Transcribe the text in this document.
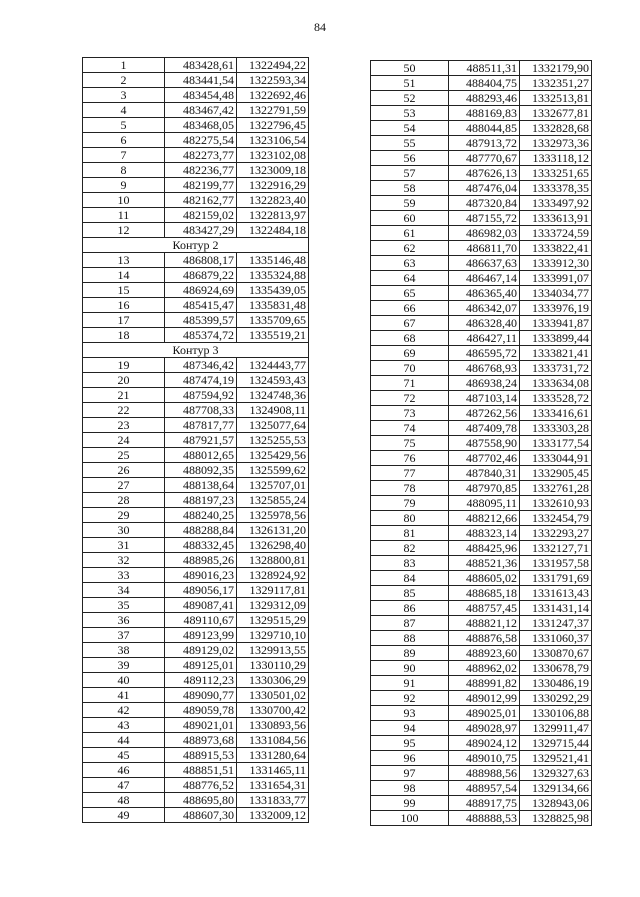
84
1	483428,61	1322494,22
2	483441,54	1322593,34
3	483454,48	1322692,46
4	483467,42	1322791,59
5	483468,05	1322796,45
6	482275,54	1323106,54
7	482273,77	1323102,08
8	482236,77	1323009,18
9	482199,77	1322916,29
10	482162,77	1322823,40
11	482159,02	1322813,97
12	483427,29	1322484,18
Контур 2		
13	486808,17	1335146,48
14	486879,22	1335324,88
15	486924,69	1335439,05
16	485415,47	1335831,48
17	485399,57	1335709,65
18	485374,72	1335519,21
Контур 3		
19	487346,42	1324443,77
20	487474,19	1324593,43
21	487594,92	1324748,36
22	487708,33	1324908,11
23	487817,77	1325077,64
24	487921,57	1325255,53
25	488012,65	1325429,56
26	488092,35	1325599,62
27	488138,64	1325707,01
28	488197,23	1325855,24
29	488240,25	1325978,56
30	488288,84	1326131,20
31	488332,45	1326298,40
32	488985,26	1328800,81
33	489016,23	1328924,92
34	489056,17	1329117,81
35	489087,41	1329312,09
36	489110,67	1329515,29
37	489123,99	1329710,10
38	489129,02	1329913,55
39	489125,01	1330110,29
40	489112,23	1330306,29
41	489090,77	1330501,02
42	489059,78	1330700,42
43	489021,01	1330893,56
44	488973,68	1331084,56
45	488915,53	1331280,64
46	488851,51	1331465,11
47	488776,52	1331654,31
48	488695,80	1331833,77
49	488607,30	1332009,12
50	488511,31	1332179,90
51	488404,75	1332351,27
52	488293,46	1332513,81
53	488169,83	1332677,81
54	488044,85	1332828,68
55	487913,72	1332973,36
56	487770,67	1333118,12
57	487626,13	1333251,65
58	487476,04	1333378,35
59	487320,84	1333497,92
60	487155,72	1333613,91
61	486982,03	1333724,59
62	486811,70	1333822,41
63	486637,63	1333912,30
64	486467,14	1333991,07
65	486365,40	1334034,77
66	486342,07	1333976,19
67	486328,40	1333941,87
68	486427,11	1333899,44
69	486595,72	1333821,41
70	486768,93	1333731,72
71	486938,24	1333634,08
72	487103,14	1333528,72
73	487262,56	1333416,61
74	487409,78	1333303,28
75	487558,90	1333177,54
76	487702,46	1333044,91
77	487840,31	1332905,45
78	487970,85	1332761,28
79	488095,11	1332610,93
80	488212,66	1332454,79
81	488323,14	1332293,27
82	488425,96	1332127,71
83	488521,36	1331957,58
84	488605,02	1331791,69
85	488685,18	1331613,43
86	488757,45	1331431,14
87	488821,12	1331247,37
88	488876,58	1331060,37
89	488923,60	1330870,67
90	488962,02	1330678,79
91	488991,82	1330486,19
92	489012,99	1330292,29
93	489025,01	1330106,88
94	489028,97	1329911,47
95	489024,12	1329715,44
96	489010,75	1329521,41
97	488988,56	1329327,63
98	488957,54	1329134,66
99	488917,75	1328943,06
100	488888,53	1328825,98
